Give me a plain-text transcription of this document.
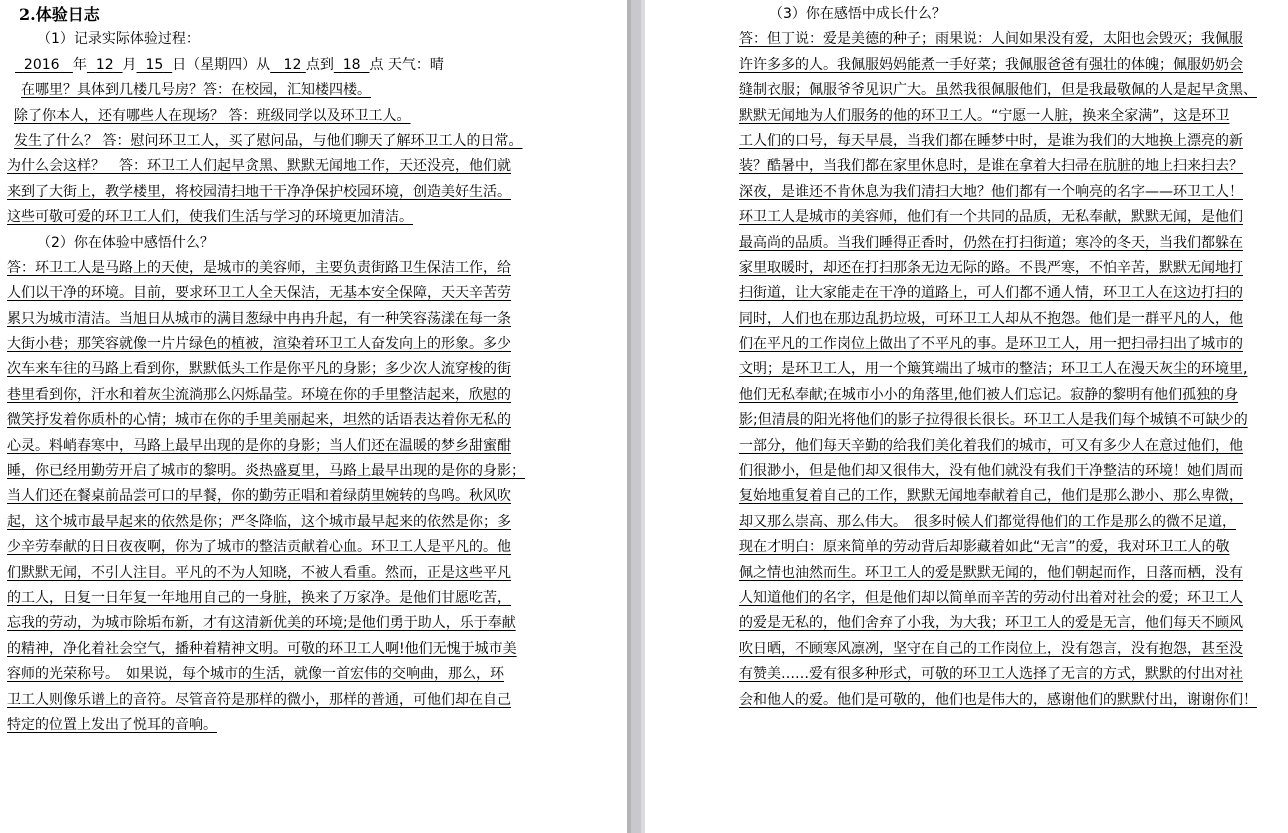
2.体验日志
（1）记录实际体验过程：
2016 年 12 月 15 日（星期四）从 12 点到 18 点 天气：晴
在哪里？具体到几楼几号房？答：在校园，汇知楼四楼。
除了你本人，还有哪些人在现场？ 答：班级同学以及环卫工人。
发生了什么？ 答：慰问环卫工人，买了慰问品，与他们聊天了解环卫工人的日常。
为什么会这样？　答：环卫工人们起早贪黑、默默无闻地工作，天还没亮，他们就
来到了大街上，教学楼里，将校园清扫地干干净净保护校园环境，创造美好生活。
这些可敬可爱的环卫工人们，使我们生活与学习的环境更加清洁。
（2）你在体验中感悟什么？
答：环卫工人是马路上的天使，是城市的美容师，主要负责街路卫生保洁工作，给
人们以干净的环境。目前，要求环卫工人全天保洁，无基本安全保障，天天辛苦劳
累只为城市清洁。当旭日从城市的满目葱绿中冉冉升起，有一种笑容荡漾在每一条
大街小巷；那笑容就像一片片绿色的植被，渲染着环卫工人奋发向上的形象。多少
次车来车往的马路上看到你，默默低头工作是你平凡的身影；多少次人流穿梭的街
巷里看到你，汗水和着灰尘流淌那么闪烁晶莹。环境在你的手里整洁起来，欣慰的
微笑抒发着你质朴的心情；城市在你的手里美丽起来，坦然的话语表达着你无私的
心灵。料峭春寒中，马路上最早出现的是你的身影；当人们还在温暖的梦乡甜蜜酣
睡，你已经用勤劳开启了城市的黎明。炎热盛夏里，马路上最早出现的是你的身影；
当人们还在餐桌前品尝可口的早餐，你的勤劳正唱和着绿荫里婉转的鸟鸣。秋风吹
起，这个城市最早起来的依然是你；严冬降临，这个城市最早起来的依然是你；多
少辛劳奉献的日日夜夜啊，你为了城市的整洁贡献着心血。环卫工人是平凡的。他
们默默无闻，不引人注目。平凡的不为人知晓，不被人看重。然而，正是这些平凡
的工人，日复一日年复一年地用自己的一身脏，换来了万家净。是他们甘愿吃苦，
忘我的劳动，为城市除垢布新，才有这清新优美的环境;是他们勇于助人，乐于奉献
的精神，净化着社会空气，播种着精神文明。可敬的环卫工人啊!他们无愧于城市美
容师的光荣称号。　如果说，每个城市的生活，就像一首宏伟的交响曲，那么，环
卫工人则像乐谱上的音符。尽管音符是那样的微小，那样的普通，可他们却在自己
特定的位置上发出了悦耳的音响。
（3）你在感悟中成长什么？
答：但丁说：爱是美德的种子；雨果说：人间如果没有爱，太阳也会毁灭；我佩服
许许多多的人。我佩服妈妈能煮一手好菜；我佩服爸爸有强壮的体魄；佩服奶奶会
缝制衣服；佩服爷爷见识广大。虽然我很佩服他们，但是我最敬佩的人是起早贪黑、
默默无闻地为人们服务的他的环卫工人。“宁愿一人脏，换来全家满”，这是环卫
工人们的口号，每天早晨，当我们都在睡梦中时，是谁为我们的大地换上漂亮的新
装？酷暑中，当我们都在家里休息时，是谁在拿着大扫帚在肮脏的地上扫来扫去？
深夜，是谁还不肯休息为我们清扫大地？他们都有一个响亮的名字——环卫工人！
环卫工人是城市的美容师，他们有一个共同的品质，无私奉献，默默无闻，是他们
最高尚的品质。当我们睡得正香时，仍然在打扫街道；寒冷的冬天，当我们都躲在
家里取暖时，却还在打扫那条无边无际的路。不畏严寒，不怕辛苦，默默无闻地打
扫街道，让大家能走在干净的道路上，可人们都不通人情，环卫工人在这边打扫的
同时，人们也在那边乱扔垃圾，可环卫工人却从不抱怨。他们是一群平凡的人，他
们在平凡的工作岗位上做出了不平凡的事。是环卫工人，用一把扫帚扫出了城市的
文明；是环卫工人，用一个簸箕端出了城市的整洁；环卫工人在漫天灰尘的环境里,
他们无私奉献;在城市小小的角落里,他们被人们忘记。寂静的黎明有他们孤独的身
影;但清晨的阳光将他们的影子拉得很长很长。环卫工人是我们每个城镇不可缺少的
一部分，他们每天辛勤的给我们美化着我们的城市，可又有多少人在意过他们，他
们很渺小，但是他们却又很伟大，没有他们就没有我们干净整洁的环境！她们周而
复始地重复着自己的工作，默默无闻地奉献着自己，他们是那么渺小、那么卑微，
却又那么崇高、那么伟大。　很多时候人们都觉得他们的工作是那么的微不足道，
现在才明白：原来简单的劳动背后却影藏着如此“无言”的爱，我对环卫工人的敬
佩之情也油然而生。环卫工人的爱是默默无闻的，他们朝起而作，日落而栖，没有
人知道他们的名字，但是他们却以简单而辛苦的劳动付出着对社会的爱；环卫工人
的爱是无私的，他们舍弃了小我，为大我；环卫工人的爱是无言，他们每天不顾风
吹日晒，不顾寒风凛冽，坚守在自己的工作岗位上，没有怨言，没有抱怨，甚至没
有赞美……爱有很多种形式，可敬的环卫工人选择了无言的方式，默默的付出对社
会和他人的爱。他们是可敬的，他们也是伟大的，感谢他们的默默付出，谢谢你们！
